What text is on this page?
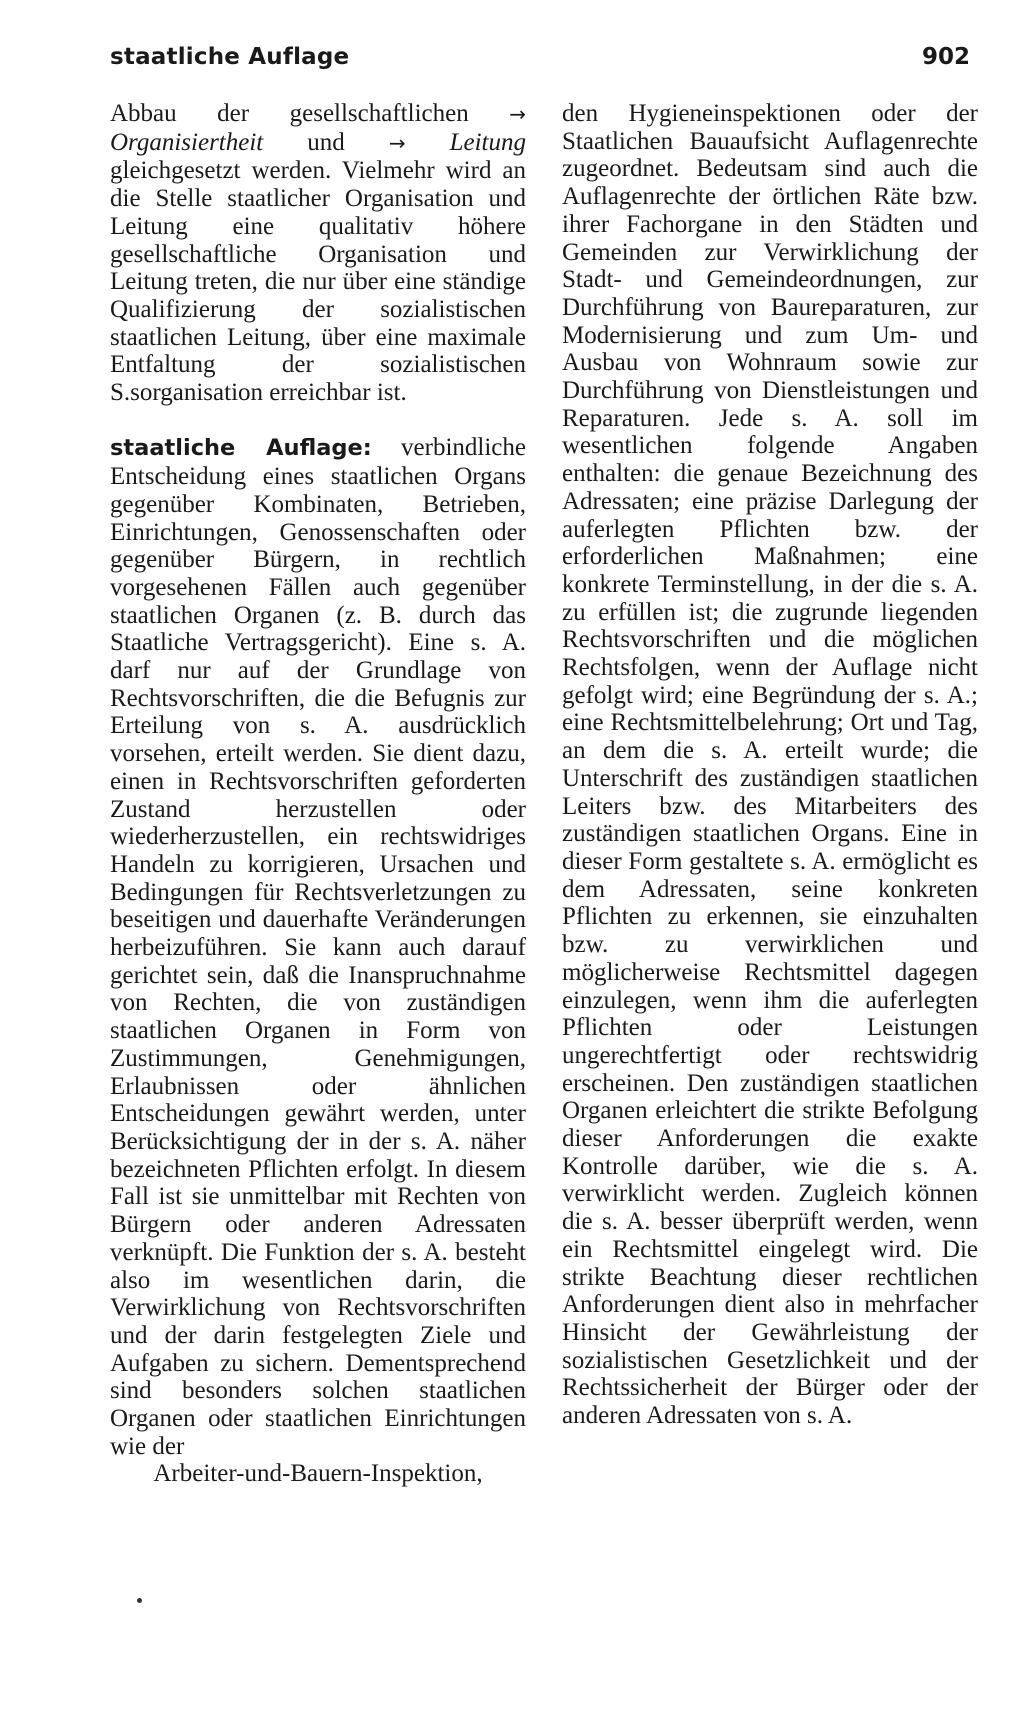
staatliche Auflage	902

Abbau der gesellschaftlichen → Organisiertheit und → Leitung gleichgesetzt werden. Vielmehr wird an die Stelle staatlicher Organisation und Leitung eine qualitativ höhere gesellschaftliche Organisation und Leitung treten, die nur über eine ständige Qualifizierung der sozialistischen staatlichen Leitung, über eine maximale Entfaltung der sozialistischen S.sorganisation erreichbar ist.

staatliche Auflage: verbindliche Entscheidung eines staatlichen Organs gegenüber Kombinaten, Betrieben, Einrichtungen, Genossenschaften oder gegenüber Bürgern, in rechtlich vorgesehenen Fällen auch gegenüber staatlichen Organen (z. B. durch das Staatliche Vertragsgericht). Eine s. A. darf nur auf der Grundlage von Rechtsvorschriften, die die Befugnis zur Erteilung von s. A. ausdrücklich vorsehen, erteilt werden. Sie dient dazu, einen in Rechtsvorschriften geforderten Zustand herzustellen oder wiederherzustellen, ein rechtswidriges Handeln zu korrigieren, Ursachen und Bedingungen für Rechtsverletzungen zu beseitigen und dauerhafte Veränderungen herbeizuführen. Sie kann auch darauf gerichtet sein, daß die Inanspruchnahme von Rechten, die von zuständigen staatlichen Organen in Form von Zustimmungen, Genehmigungen, Erlaubnissen oder ähnlichen Entscheidungen gewährt werden, unter Berücksichtigung der in der s. A. näher bezeichneten Pflichten erfolgt. In diesem Fall ist sie unmittelbar mit Rechten von Bürgern oder anderen Adressaten verknüpft. Die Funktion der s. A. besteht also im wesentlichen darin, die Verwirklichung von Rechtsvorschriften und der darin festgelegten Ziele und Aufgaben zu sichern. Dementsprechend sind besonders solchen staatlichen Organen oder staatlichen Einrichtungen wie der
Arbeiter-und-Bauern-Inspektion,

den Hygieneinspektionen oder der Staatlichen Bauaufsicht Auflagenrechte zugeordnet. Bedeutsam sind auch die Auflagenrechte der örtlichen Räte bzw. ihrer Fachorgane in den Städten und Gemeinden zur Verwirklichung der Stadt- und Gemeindeordnungen, zur Durchführung von Baureparaturen, zur Modernisierung und zum Um- und Ausbau von Wohnraum sowie zur Durchführung von Dienstleistungen und Reparaturen. Jede s. A. soll im wesentlichen folgende Angaben enthalten: die genaue Bezeichnung des Adressaten; eine präzise Darlegung der auferlegten Pflichten bzw. der erforderlichen Maßnahmen; eine konkrete Terminstellung, in der die s. A. zu erfüllen ist; die zugrunde liegenden Rechtsvorschriften und die möglichen Rechtsfolgen, wenn der Auflage nicht gefolgt wird; eine Begründung der s. A.; eine Rechtsmittelbelehrung; Ort und Tag, an dem die s. A. erteilt wurde; die Unterschrift des zuständigen staatlichen Leiters bzw. des Mitarbeiters des zuständigen staatlichen Organs. Eine in dieser Form gestaltete s. A. ermöglicht es dem Adressaten, seine konkreten Pflichten zu erkennen, sie einzuhalten bzw. zu verwirklichen und möglicherweise Rechtsmittel dagegen einzulegen, wenn ihm die auferlegten Pflichten oder Leistungen ungerechtfertigt oder rechtswidrig erscheinen. Den zuständigen staatlichen Organen erleichtert die strikte Befolgung dieser Anforderungen die exakte Kontrolle darüber, wie die s. A. verwirklicht werden. Zugleich können die s. A. besser überprüft werden, wenn ein Rechtsmittel eingelegt wird. Die strikte Beachtung dieser rechtlichen Anforderungen dient also in mehrfacher Hinsicht der Gewährleistung der sozialistischen Gesetzlichkeit und der Rechtssicherheit der Bürger oder der anderen Adressaten von s. A.
